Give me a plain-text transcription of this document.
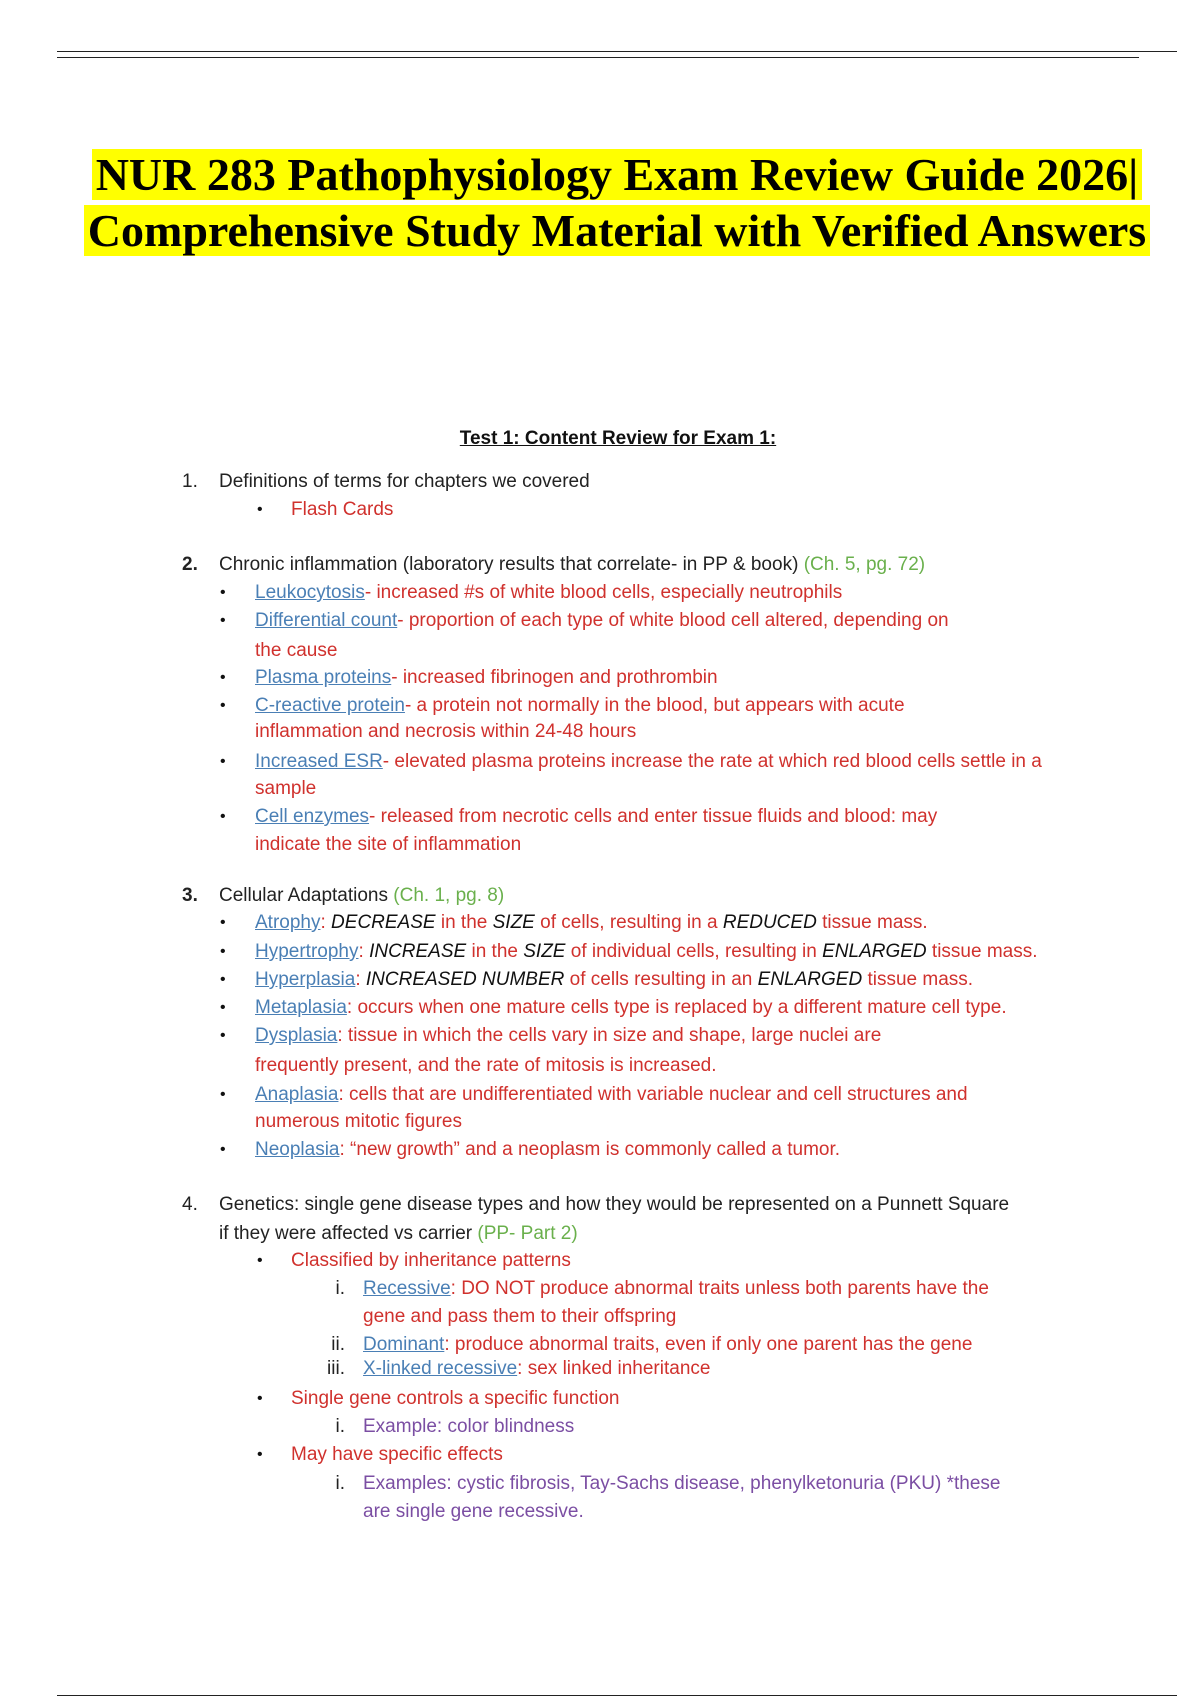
NUR 283 Pathophysiology Exam Review Guide 2026|
Comprehensive Study Material with Verified Answers
Test 1: Content Review for Exam 1:
1. Definitions of terms for chapters we covered
• Flash Cards
2. Chronic inflammation (laboratory results that correlate- in PP & book) (Ch. 5, pg. 72)
• Leukocytosis- increased #s of white blood cells, especially neutrophils
• Differential count- proportion of each type of white blood cell altered, depending on
the cause
• Plasma proteins- increased fibrinogen and prothrombin
• C-reactive protein- a protein not normally in the blood, but appears with acute
inflammation and necrosis within 24-48 hours
• Increased ESR- elevated plasma proteins increase the rate at which red blood cells settle in a
sample
• Cell enzymes- released from necrotic cells and enter tissue fluids and blood: may
indicate the site of inflammation
3. Cellular Adaptations (Ch. 1, pg. 8)
• Atrophy: DECREASE in the SIZE of cells, resulting in a REDUCED tissue mass.
• Hypertrophy: INCREASE in the SIZE of individual cells, resulting in ENLARGED tissue mass.
• Hyperplasia: INCREASED NUMBER of cells resulting in an ENLARGED tissue mass.
• Metaplasia: occurs when one mature cells type is replaced by a different mature cell type.
• Dysplasia: tissue in which the cells vary in size and shape, large nuclei are
frequently present, and the rate of mitosis is increased.
• Anaplasia: cells that are undifferentiated with variable nuclear and cell structures and
numerous mitotic figures
• Neoplasia: “new growth” and a neoplasm is commonly called a tumor.
4. Genetics: single gene disease types and how they would be represented on a Punnett Square
if they were affected vs carrier (PP- Part 2)
• Classified by inheritance patterns
i. Recessive: DO NOT produce abnormal traits unless both parents have the
gene and pass them to their offspring
ii. Dominant: produce abnormal traits, even if only one parent has the gene
iii. X-linked recessive: sex linked inheritance
• Single gene controls a specific function
i. Example: color blindness
• May have specific effects
i. Examples: cystic fibrosis, Tay-Sachs disease, phenylketonuria (PKU) *these
are single gene recessive.
